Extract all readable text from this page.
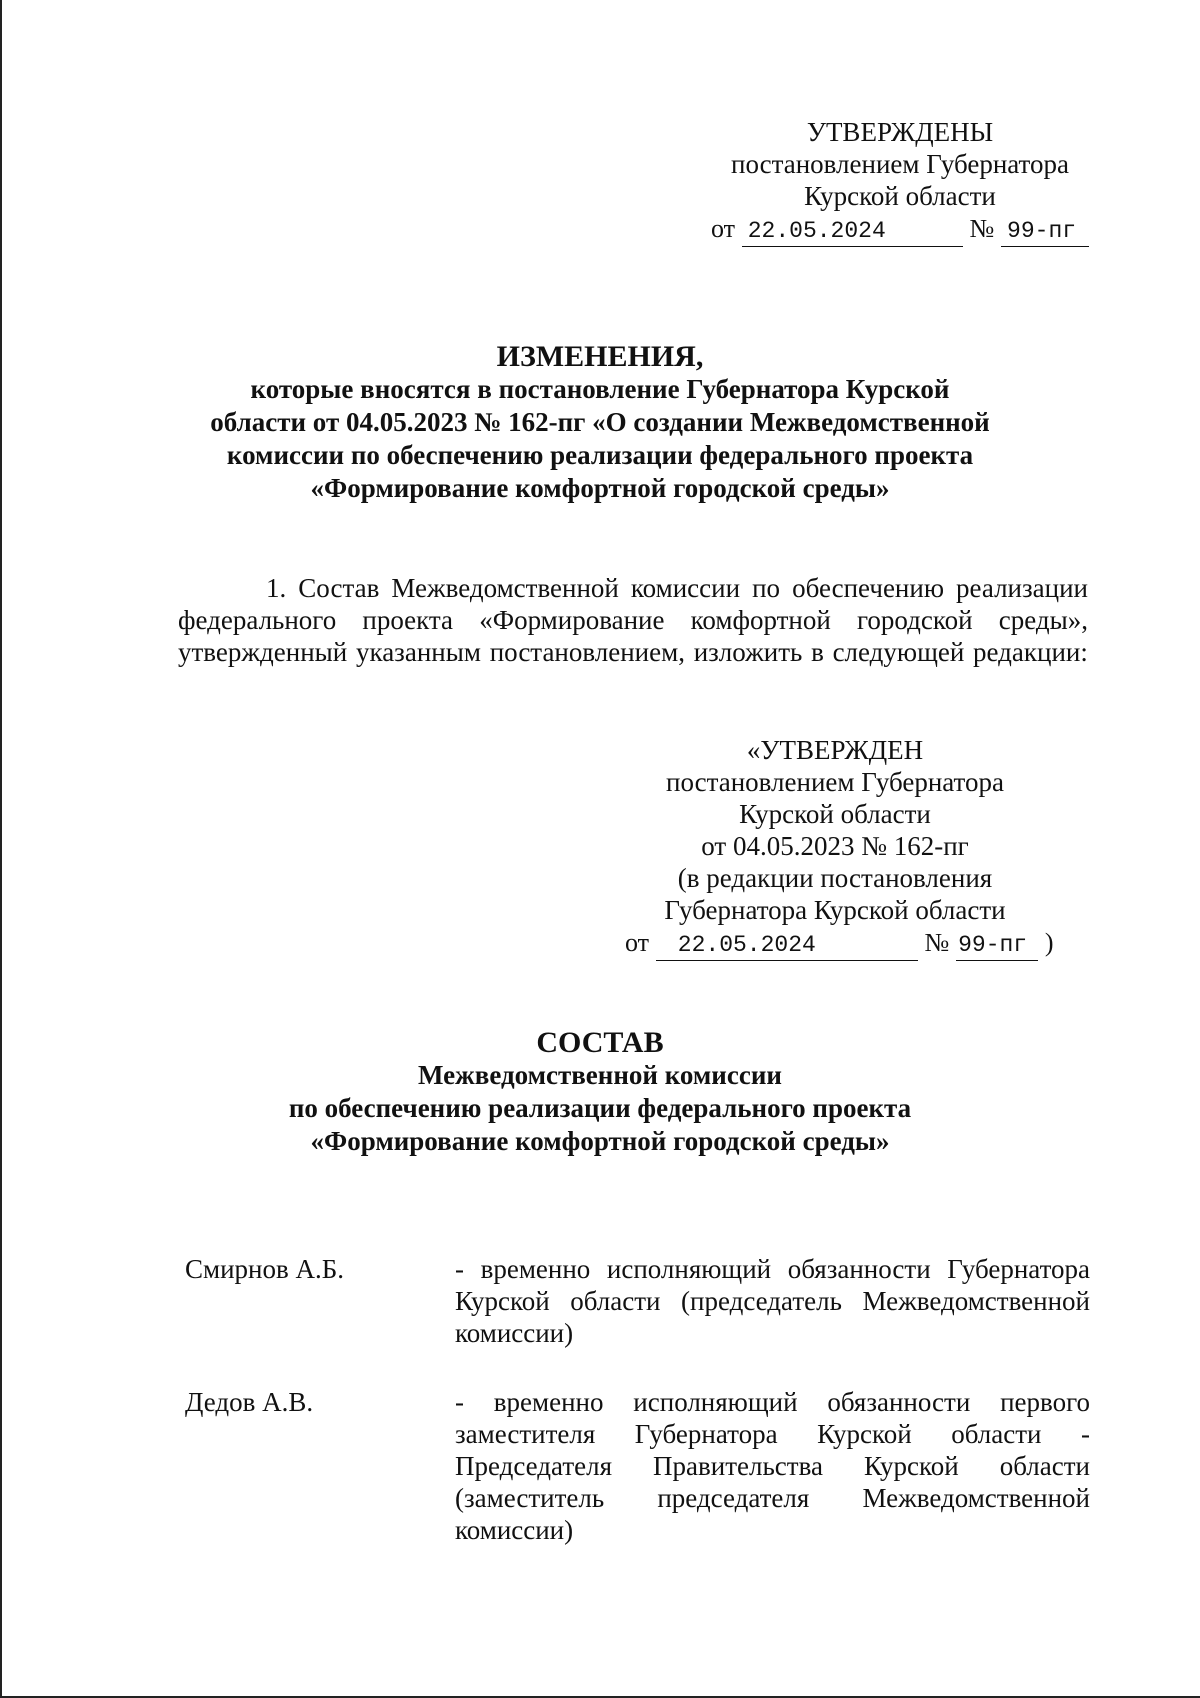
УТВЕРЖДЕНЫ
постановлением Губернатора
Курской области
от 22.05.2024	№ 99-пг
ИЗМЕНЕНИЯ,
которые вносятся в постановление Губернатора Курской
области от 04.05.2023 № 162-пг «О создании Межведомственной
комиссии по обеспечению реализации федерального проекта
«Формирование комфортной городской среды»

1. Состав Межведомственной комиссии по обеспечению реализации федерального проекта «Формирование комфортной городской среды», утвержденный указанным постановлением, изложить в следующей редакции:

«УТВЕРЖДЕН
постановлением Губернатора
Курской области
от 04.05.2023 № 162-пг
(в редакции постановления
Губернатора Курской области
от 22.05.2024	№ 99-пг )
СОСТАВ
Межведомственной комиссии
по обеспечению реализации федерального проекта
«Формирование комфортной городской среды»
Смирнов А.Б.	- временно исполняющий обязанности Губернатора Курской области (председатель Межведомственной комиссии)

Дедов А.В.	- временно исполняющий обязанности первого заместителя Губернатора Курской области - Председателя Правительства Курской области (заместитель председателя Межведомственной комиссии)
